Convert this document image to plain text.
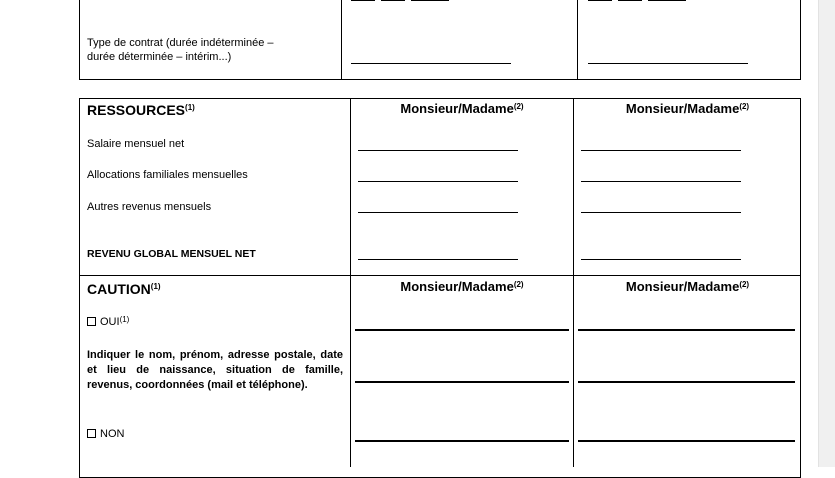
Type de contrat (durée indéterminée –
durée déterminée – intérim...)
RESSOURCES$^{(1)}$	Monsieur/Madame$^{(2)}$	Monsieur/Madame$^{(2)}$
Salaire mensuel net
Allocations familiales mensuelles
Autres revenus mensuels
REVENU GLOBAL MENSUEL NET
CAUTION$^{(1)}$	Monsieur/Madame$^{(2)}$	Monsieur/Madame$^{(2)}$
OUI$^{(1)}$
Indiquer le nom, prénom, adresse postale, date et lieu de naissance, situation de famille, revenus, coordonnées (mail et téléphone).
NON
